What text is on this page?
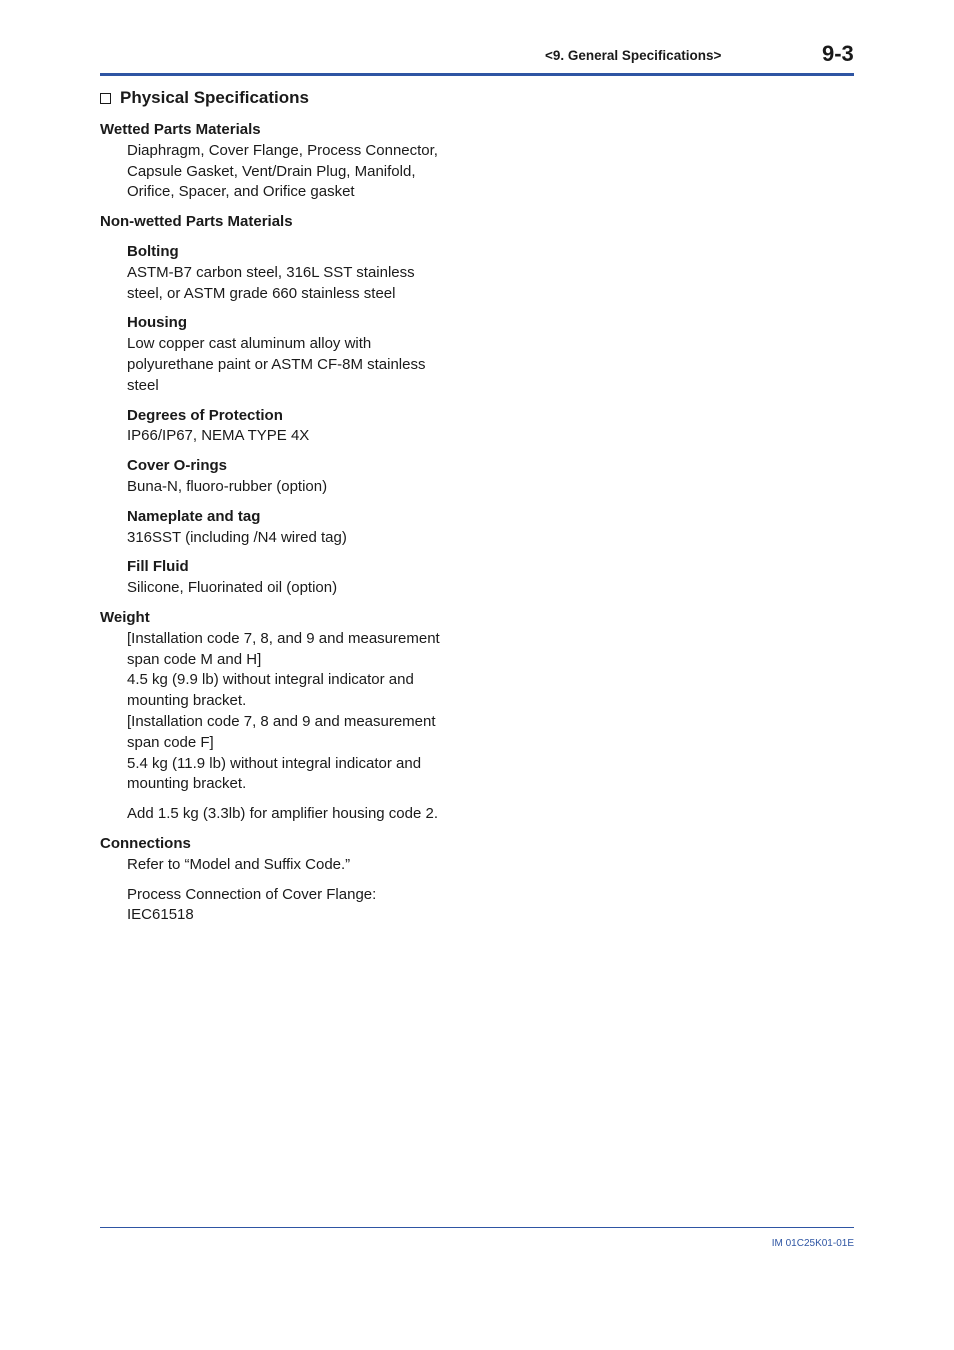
<9. General Specifications>	9-3
Physical Specifications
Wetted Parts Materials
Diaphragm, Cover Flange, Process Connector,
Capsule Gasket, Vent/Drain Plug, Manifold,
Orifice, Spacer, and Orifice gasket
Non-wetted Parts Materials
Bolting
ASTM-B7 carbon steel, 316L SST stainless
steel, or ASTM grade 660 stainless steel
Housing
Low copper cast aluminum alloy with
polyurethane paint or ASTM CF-8M stainless
steel
Degrees of Protection
IP66/IP67, NEMA TYPE 4X
Cover O-rings
Buna-N, fluoro-rubber (option)
Nameplate and tag
316SST (including /N4 wired tag)
Fill Fluid
Silicone, Fluorinated oil (option)
Weight
[Installation code 7, 8, and 9 and measurement
span code M and H]
4.5 kg (9.9 lb) without integral indicator and
mounting bracket.
[Installation code 7, 8 and 9 and measurement
span code F]
5.4 kg (11.9 lb) without integral indicator and
mounting bracket.
Add 1.5 kg (3.3lb) for amplifier housing code 2.
Connections
Refer to “Model and Suffix Code.”
Process Connection of Cover Flange:
IEC61518
IM 01C25K01-01E
